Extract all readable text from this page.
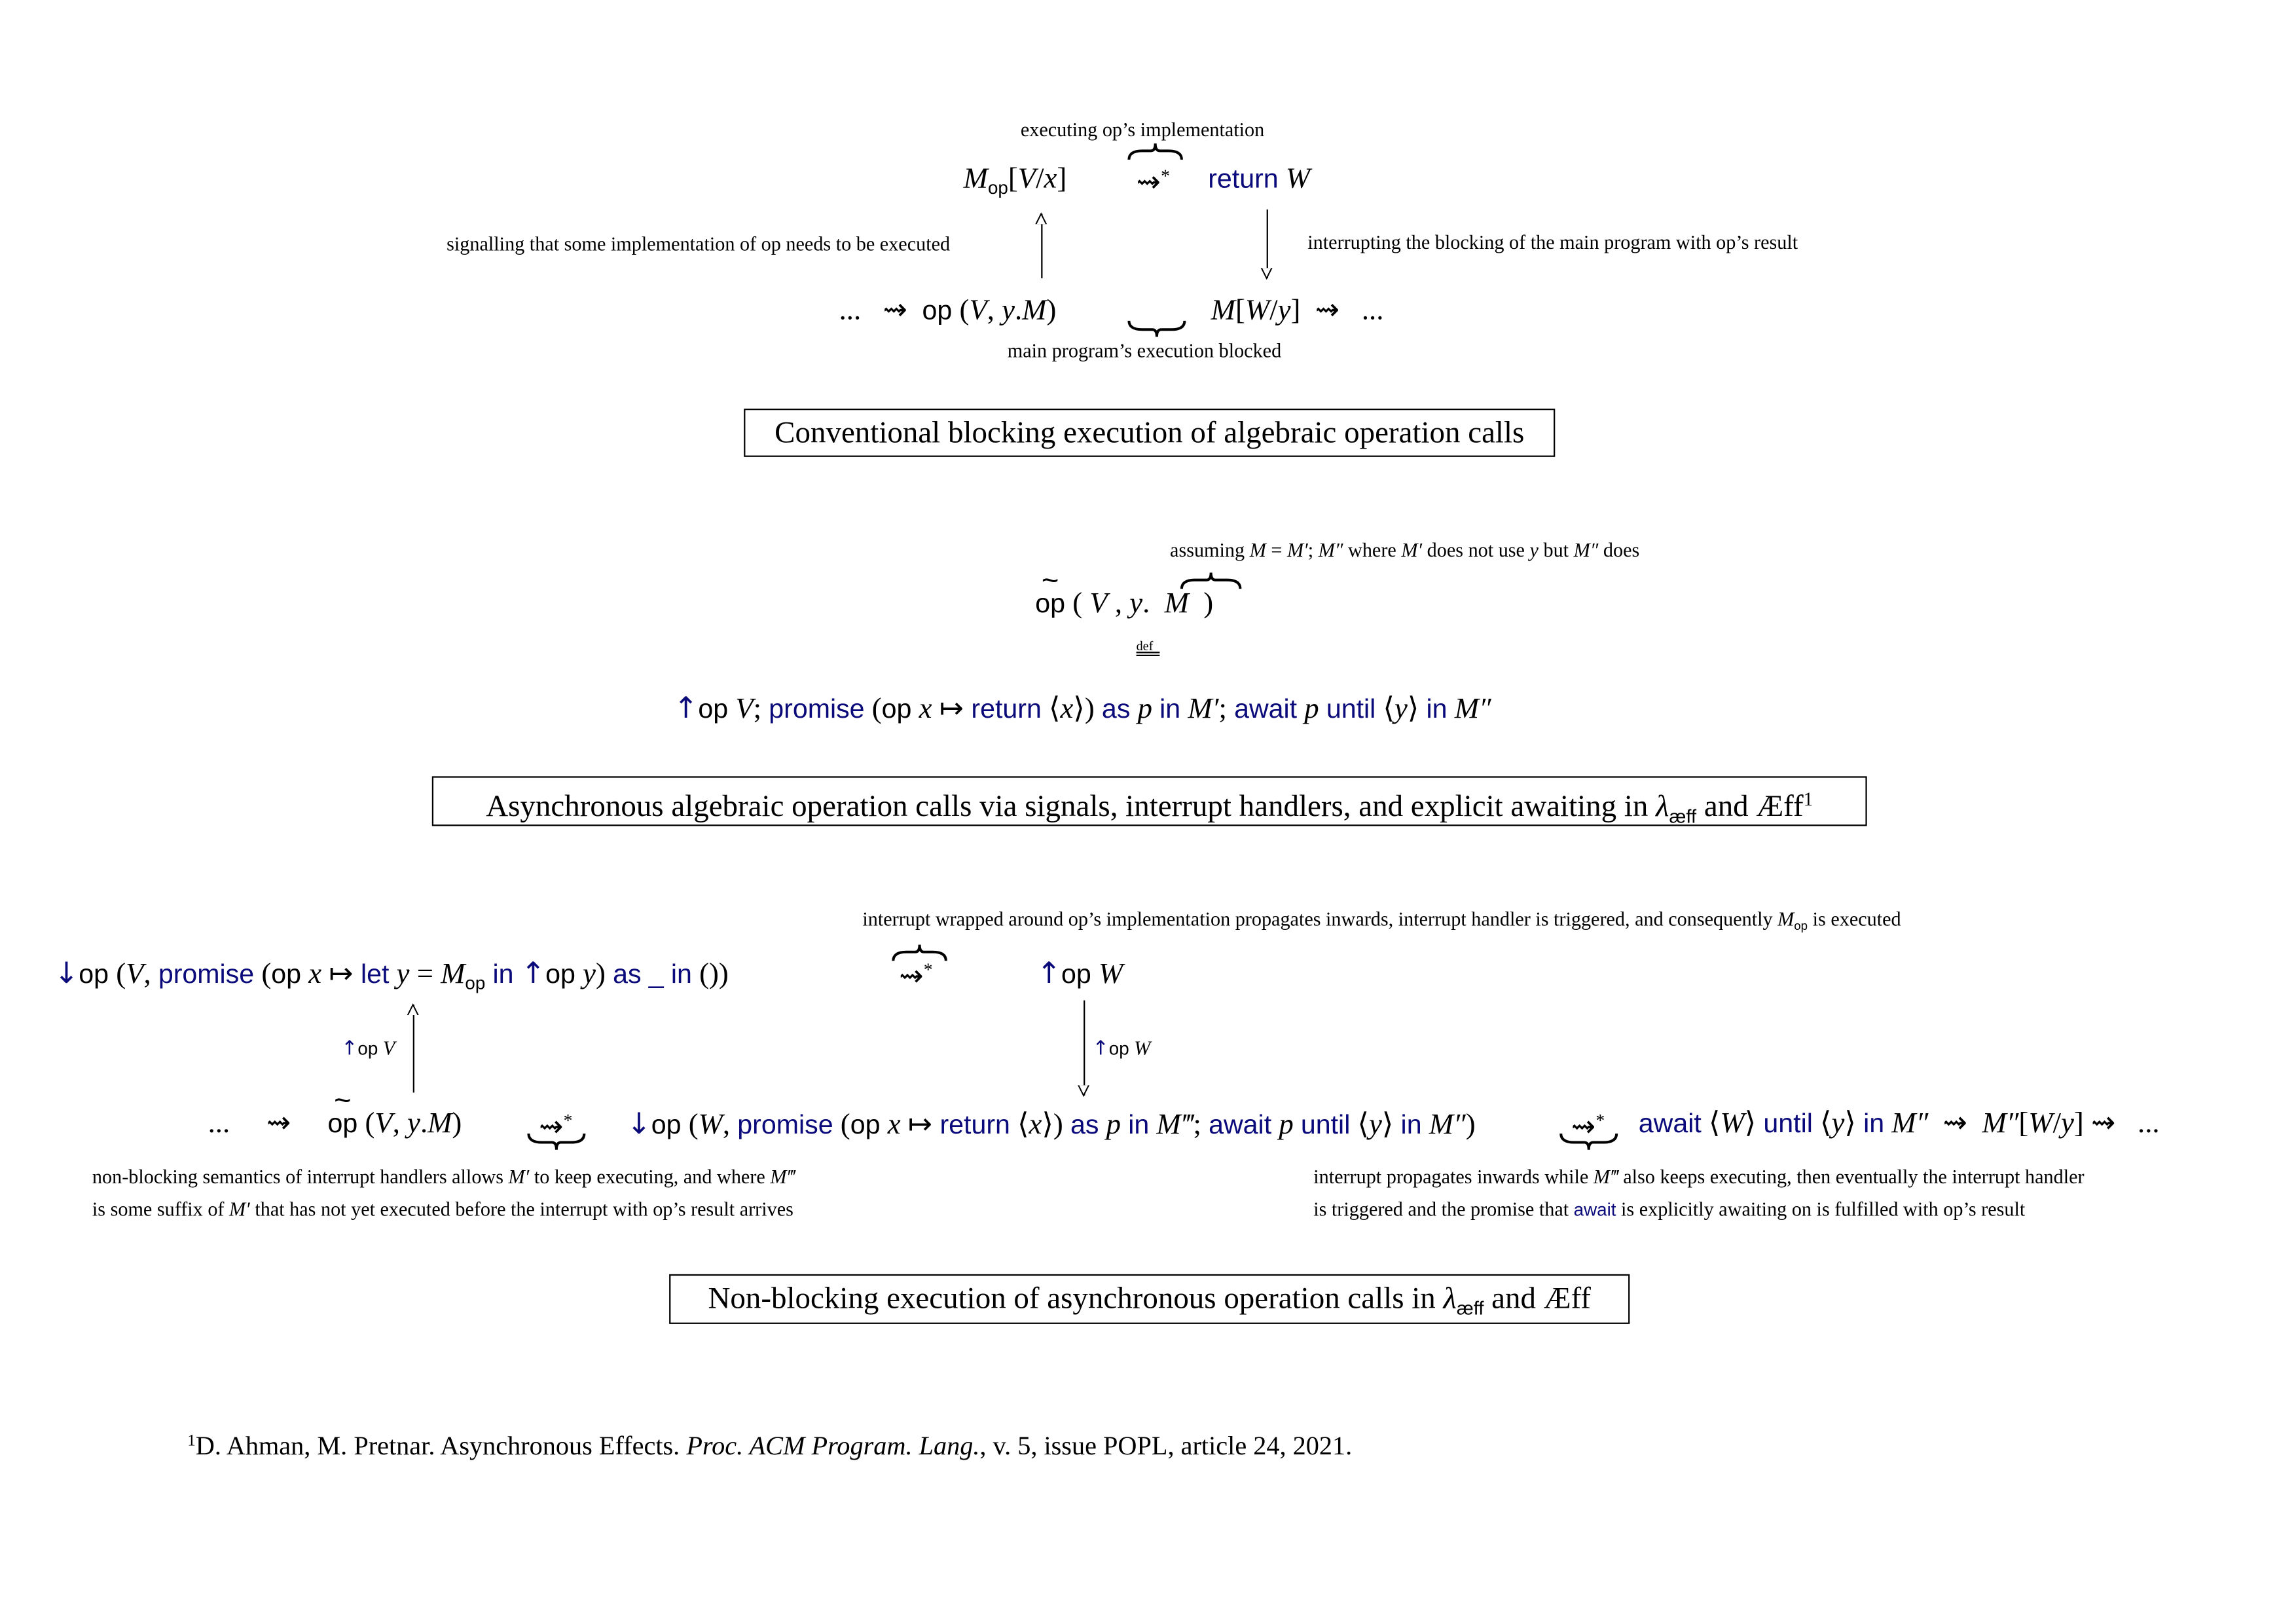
executing op’s implementation
$M_{op}[V/x]$	⇝*	return W
signalling that some implementation of op needs to be executed	interrupting the blocking of the main program with op’s result
...   ⇝  op (V, y.M)	M[W/y]  ⇝   ...
main program’s execution blocked
Conventional blocking execution of algebraic operation calls
assuming M = M′; M″ where M′ does not use y but M″ does
~ op ( V , y.  M  )
def
↑op V; promise (op x ↦ return ⟨x⟩) as p in M′; await p until ⟨y⟩ in M″
Asynchronous algebraic operation calls via signals, interrupt handlers, and explicit awaiting in $\lambda_{æff}$ and Æff$^1$
interrupt wrapped around op’s implementation propagates inwards, interrupt handler is triggered, and consequently $M_{op}$ is executed
↓op (V, promise (op x ↦ let $y = M_{op}$ in ↑op y) as _ in ())	⇝*	↑op W
↑op V	↑op W
...     ⇝     ~ op (V, y.M)	⇝*	↓op (W, promise (op x ↦ return ⟨x⟩) as p in M‴; await p until ⟨y⟩ in M″)	⇝*	await ⟨W⟩ until ⟨y⟩ in M″  ⇝  M″[W/y] ⇝   ...
non-blocking semantics of interrupt handlers allows M′ to keep executing, and where M‴
is some suffix of M′ that has not yet executed before the interrupt with op’s result arrives
interrupt propagates inwards while M‴ also keeps executing, then eventually the interrupt handler
is triggered and the promise that await is explicitly awaiting on is fulfilled with op’s result
Non-blocking execution of asynchronous operation calls in $\lambda_{æff}$ and Æff
$^1$D. Ahman, M. Pretnar. Asynchronous Effects. Proc. ACM Program. Lang., v. 5, issue POPL, article 24, 2021.
